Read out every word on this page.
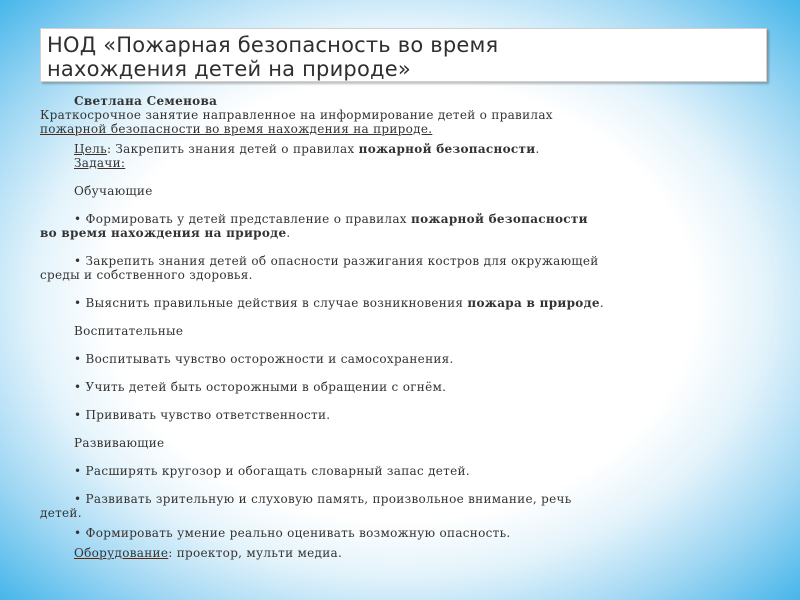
НОД «Пожарная безопасность во время
нахождения детей на природе»

Светлана Семенова

Краткосрочное занятие направленное на информирование детей о правилах

пожарной безопасности во время нахождения на природе.

Цель: Закрепить знания детей о правилах пожарной безопасности.

Задачи:

Обучающие

• Формировать у детей представление о правилах пожарной безопасности

во время нахождения на природе.

• Закрепить знания детей об опасности разжигания костров для окружающей

среды и собственного здоровья.

• Выяснить правильные действия в случае возникновения пожара в природе.

Воспитательные

• Воспитывать чувство осторожности и самосохранения.

• Учить детей быть осторожными в обращении с огнём.

• Прививать чувство ответственности.

Развивающие

• Расширять кругозор и обогащать словарный запас детей.

• Развивать зрительную и слуховую память, произвольное внимание, речь

детей.

• Формировать умение реально оценивать возможную опасность.

Оборудование: проектор, мульти медиа.
